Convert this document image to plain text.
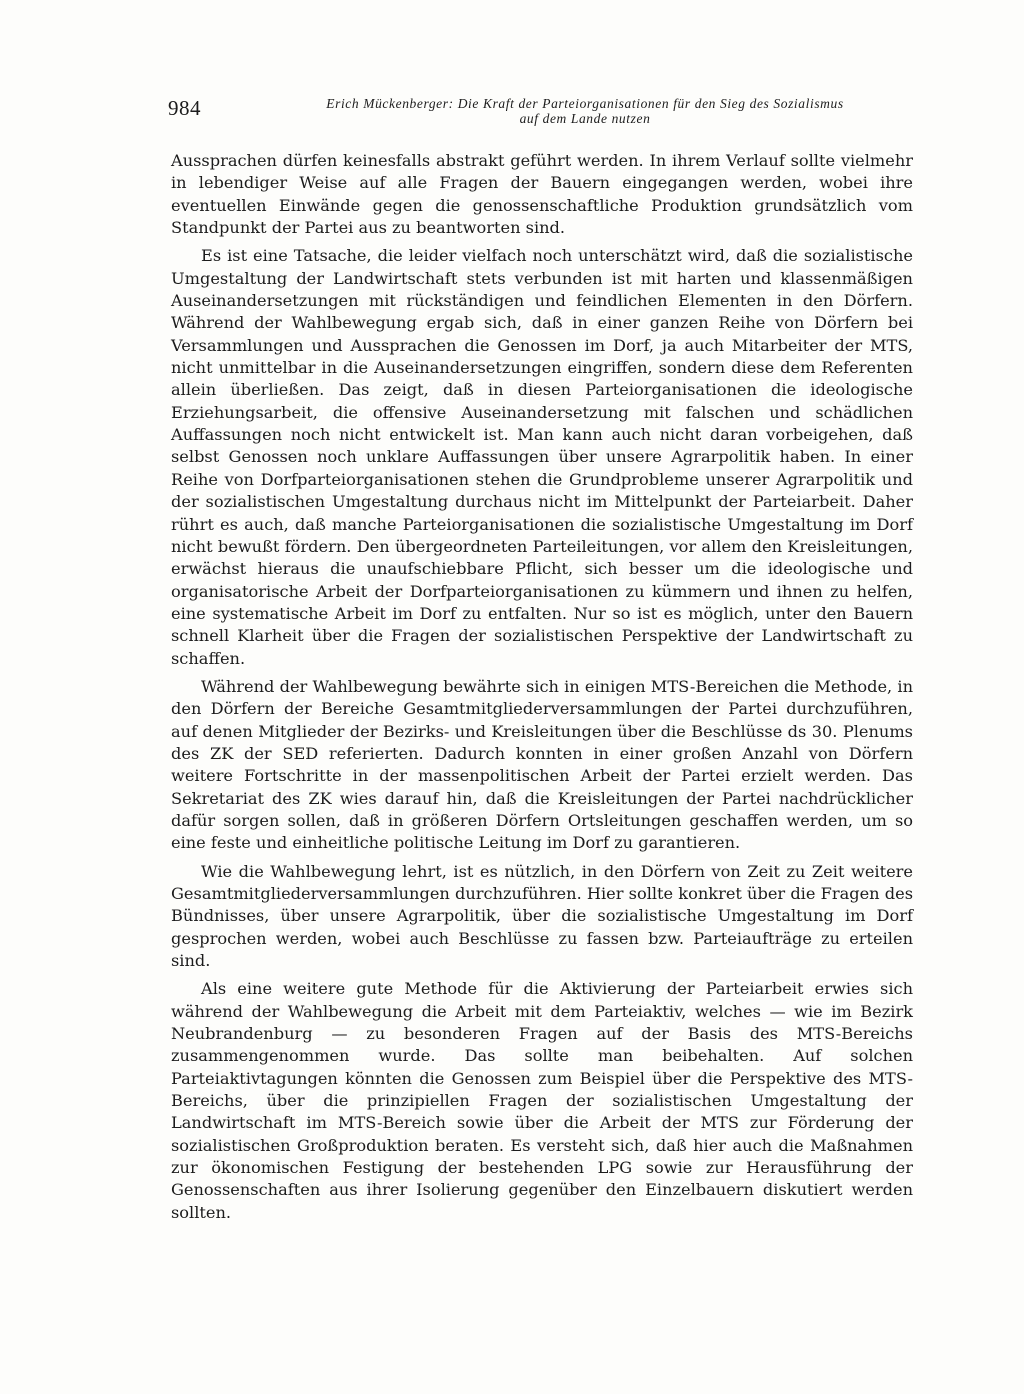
984	Erich Mückenberger: Die Kraft der Parteiorganisationen für den Sieg des Sozialismus
auf dem Lande nutzen

Aussprachen dürfen keinesfalls abstrakt geführt werden. In ihrem Verlauf sollte vielmehr in lebendiger Weise auf alle Fragen der Bauern eingegangen werden, wobei ihre eventuellen Einwände gegen die genossenschaftliche Produktion grundsätzlich vom Standpunkt der Partei aus zu beantworten sind.

Es ist eine Tatsache, die leider vielfach noch unterschätzt wird, daß die sozialistische Umgestaltung der Landwirtschaft stets verbunden ist mit harten und klassenmäßigen Auseinandersetzungen mit rückständigen und feindlichen Elementen in den Dörfern. Während der Wahlbewegung ergab sich, daß in einer ganzen Reihe von Dörfern bei Versammlungen und Aussprachen die Genossen im Dorf, ja auch Mitarbeiter der MTS, nicht unmittelbar in die Auseinandersetzungen eingriffen, sondern diese dem Referenten allein überließen. Das zeigt, daß in diesen Parteiorganisationen die ideologische Erziehungsarbeit, die offensive Auseinandersetzung mit falschen und schädlichen Auffassungen noch nicht entwickelt ist. Man kann auch nicht daran vorbeigehen, daß selbst Genossen noch unklare Auffassungen über unsere Agrarpolitik haben. In einer Reihe von Dorfparteiorganisationen stehen die Grundprobleme unserer Agrarpolitik und der sozialistischen Umgestaltung durchaus nicht im Mittelpunkt der Parteiarbeit. Daher rührt es auch, daß manche Parteiorganisationen die sozialistische Umgestaltung im Dorf nicht bewußt fördern. Den übergeordneten Parteileitungen, vor allem den Kreisleitungen, erwächst hieraus die unaufschiebbare Pflicht, sich besser um die ideologische und organisatorische Arbeit der Dorfparteiorganisationen zu kümmern und ihnen zu helfen, eine systematische Arbeit im Dorf zu entfalten. Nur so ist es möglich, unter den Bauern schnell Klarheit über die Fragen der sozialistischen Perspektive der Landwirtschaft zu schaffen.

Während der Wahlbewegung bewährte sich in einigen MTS-Bereichen die Methode, in den Dörfern der Bereiche Gesamtmitgliederversammlungen der Partei durchzuführen, auf denen Mitglieder der Bezirks- und Kreisleitungen über die Beschlüsse ds 30. Plenums des ZK der SED referierten. Dadurch konnten in einer großen Anzahl von Dörfern weitere Fortschritte in der massenpolitischen Arbeit der Partei erzielt werden. Das Sekretariat des ZK wies darauf hin, daß die Kreisleitungen der Partei nachdrücklicher dafür sorgen sollen, daß in größeren Dörfern Ortsleitungen geschaffen werden, um so eine feste und einheitliche politische Leitung im Dorf zu garantieren.

Wie die Wahlbewegung lehrt, ist es nützlich, in den Dörfern von Zeit zu Zeit weitere Gesamtmitgliederversammlungen durchzuführen. Hier sollte konkret über die Fragen des Bündnisses, über unsere Agrarpolitik, über die sozialistische Umgestaltung im Dorf gesprochen werden, wobei auch Beschlüsse zu fassen bzw. Parteiaufträge zu erteilen sind.

Als eine weitere gute Methode für die Aktivierung der Parteiarbeit erwies sich während der Wahlbewegung die Arbeit mit dem Parteiaktiv, welches — wie im Bezirk Neubrandenburg — zu besonderen Fragen auf der Basis des MTS-Bereichs zusammengenommen wurde. Das sollte man beibehalten. Auf solchen Parteiaktivtagungen könnten die Genossen zum Beispiel über die Perspektive des MTS-Bereichs, über die prinzipiellen Fragen der sozialistischen Umgestaltung der Landwirtschaft im MTS-Bereich sowie über die Arbeit der MTS zur Förderung der sozialistischen Großproduktion beraten. Es versteht sich, daß hier auch die Maßnahmen zur ökonomischen Festigung der bestehenden LPG sowie zur Herausführung der Genossenschaften aus ihrer Isolierung gegenüber den Einzelbauern diskutiert werden sollten.
